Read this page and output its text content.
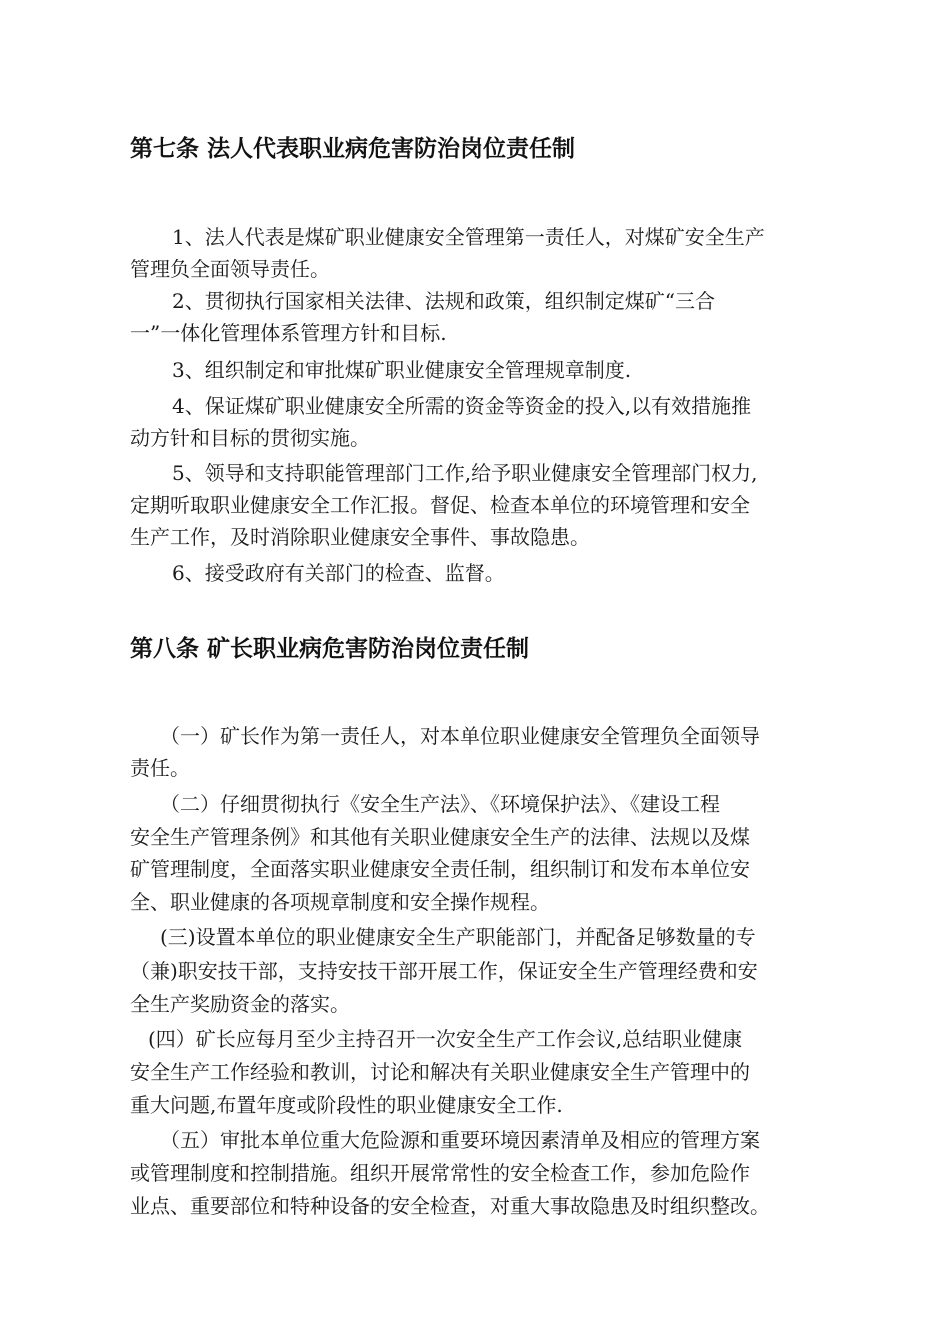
第七条 法人代表职业病危害防治岗位责任制
1、法人代表是煤矿职业健康安全管理第一责任人，对煤矿安全生产
管理负全面领导责任。
2、贯彻执行国家相关法律、法规和政策，组织制定煤矿“三合
一”一体化管理体系管理方针和目标.
3、组织制定和审批煤矿职业健康安全管理规章制度.
4、保证煤矿职业健康安全所需的资金等资金的投入,以有效措施推
动方针和目标的贯彻实施。
5、领导和支持职能管理部门工作,给予职业健康安全管理部门权力,
定期听取职业健康安全工作汇报。督促、检查本单位的环境管理和安全
生产工作，及时消除职业健康安全事件、事故隐患。
6、接受政府有关部门的检查、监督。
第八条 矿长职业病危害防治岗位责任制
（一）矿长作为第一责任人，对本单位职业健康安全管理负全面领导
责任。
（二）仔细贯彻执行《安全生产法》、《环境保护法》、《建设工程
安全生产管理条例》和其他有关职业健康安全生产的法律、法规以及煤
矿管理制度，全面落实职业健康安全责任制，组织制订和发布本单位安
全、职业健康的各项规章制度和安全操作规程。
(三)设置本单位的职业健康安全生产职能部门，并配备足够数量的专
（兼)职安技干部，支持安技干部开展工作，保证安全生产管理经费和安
全生产奖励资金的落实。
(四）矿长应每月至少主持召开一次安全生产工作会议,总结职业健康
安全生产工作经验和教训，讨论和解决有关职业健康安全生产管理中的
重大问题,布置年度或阶段性的职业健康安全工作.
（五）审批本单位重大危险源和重要环境因素清单及相应的管理方案
或管理制度和控制措施。组织开展常常性的安全检查工作，参加危险作
业点、重要部位和特种设备的安全检查，对重大事故隐患及时组织整改。
